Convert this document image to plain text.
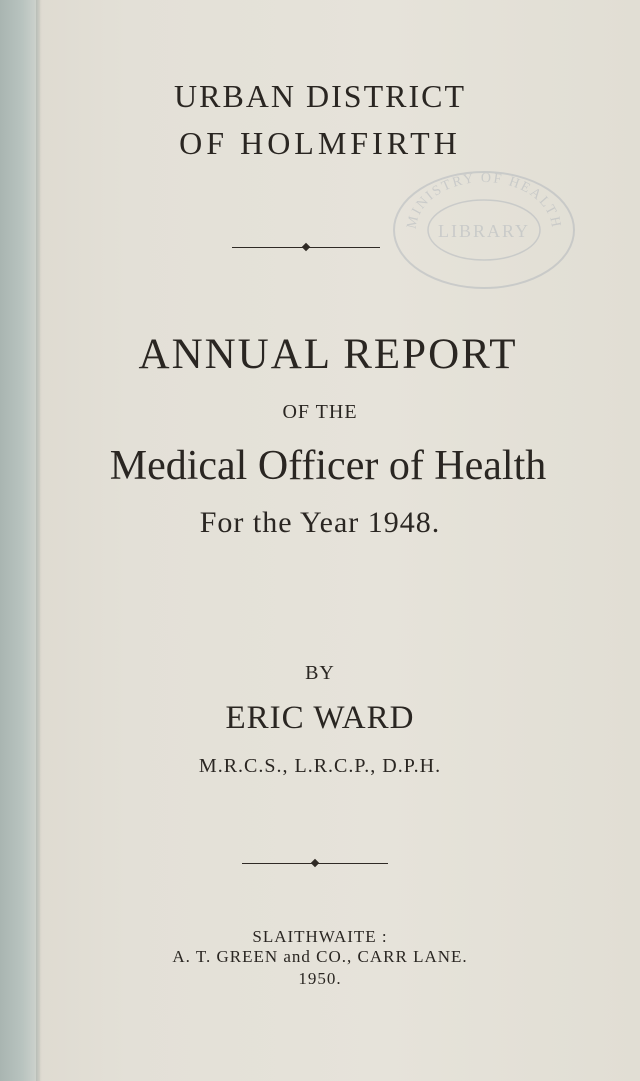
URBAN DISTRICT

OF HOLMFIRTH

MINISTRY OF HEALTH
LIBRARY

ANNUAL REPORT

OF THE

Medical Officer of Health

For the Year 1948.

BY

ERIC WARD

M.R.C.S., L.R.C.P., D.P.H.

SLAITHWAITE :

A. T. GREEN and CO., CARR LANE.

1950.
